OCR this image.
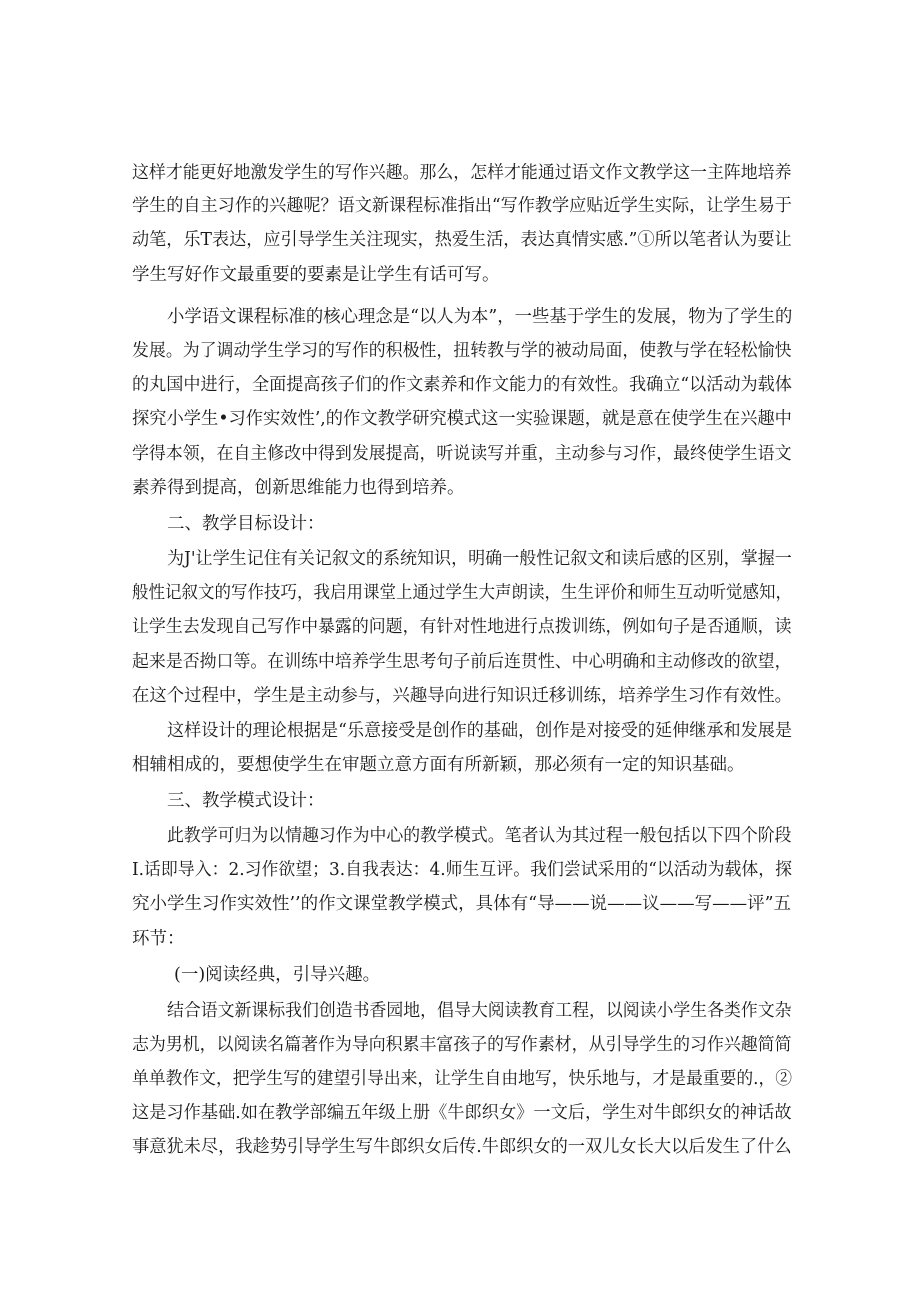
这样才能更好地激发学生的写作兴趣。那么，怎样才能通过语文作文教学这一主阵地培养
学生的自主习作的兴趣呢？语文新课程标准指出“写作教学应贴近学生实际，让学生易于
动笔，乐T表达，应引导学生关注现实，热爱生活，表达真情实感.”①所以笔者认为要让
学生写好作文最重要的要素是让学生有话可写。
小学语文课程标准的核心理念是“以人为本”，一些基于学生的发展，物为了学生的
发展。为了调动学生学习的写作的积极性，扭转教与学的被动局面，使教与学在轻松愉快
的丸国中进行，全面提高孩子们的作文素养和作文能力的有效性。我确立“以活动为载体
探究小学生•习作实效性’,的作文教学研究模式这一实验课题，就是意在使学生在兴趣中
学得本领，在自主修改中得到发展提高，听说读写并重，主动参与习作，最终使学生语文
素养得到提高，创新思维能力也得到培养。
二、教学目标设计：
为J'让学生记住有关记叙文的系统知识，明确一般性记叙文和读后感的区别，掌握一
般性记叙文的写作技巧，我启用课堂上通过学生大声朗读，生生评价和师生互动听觉感知，
让学生去发现自己写作中暴露的问题，有针对性地进行点拨训练，例如句子是否通顺，读
起来是否拗口等。在训练中培养学生思考句子前后连贯性、中心明确和主动修改的欲望，
在这个过程中，学生是主动参与，兴趣导向进行知识迁移训练，培养学生习作有效性。
这样设计的理论根据是“乐意接受是创作的基础，创作是对接受的延伸继承和发展是
相辅相成的，要想使学生在审题立意方面有所新颖，那必须有一定的知识基础。
三、教学模式设计：
此教学可归为以情趣习作为中心的教学模式。笔者认为其过程一般包括以下四个阶段
I.话即导入：2.习作欲望；3.自我表达：4.师生互评。我们尝试采用的“以活动为载体，探
究小学生习作实效性’’的作文课堂教学模式，具体有“导——说——议——写——评”五
环节：
(一)阅读经典，引导兴趣。
结合语文新课标我们创造书香园地，倡导大阅读教育工程，以阅读小学生各类作文杂
志为男机，以阅读名篇著作为导向积累丰富孩子的写作素材，从引导学生的习作兴趣简简
单单教作文，把学生写的建望引导出来，让学生自由地写，快乐地与，才是最重要的.，②
这是习作基础.如在教学部编五年级上册《牛郎织女》一文后，学生对牛郎织女的神话故
事意犹未尽，我趁势引导学生写牛郎织女后传.牛郎织女的一双儿女长大以后发生了什么
